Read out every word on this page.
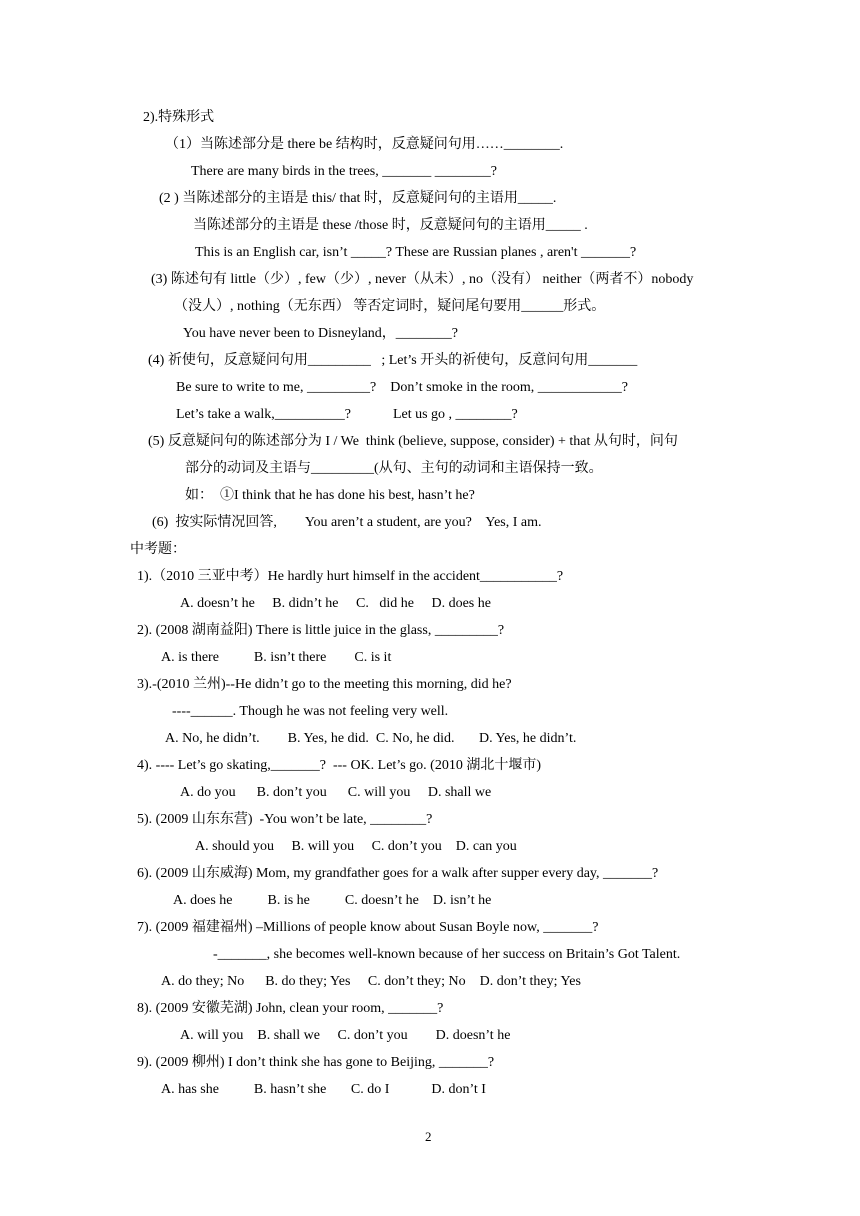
2).特殊形式
（1）当陈述部分是 there be 结构时，反意疑问句用……________.
There are many birds in the trees, _______ ________?
(2 ) 当陈述部分的主语是 this/ that 时，反意疑问句的主语用_____.
当陈述部分的主语是 these /those 时，反意疑问句的主语用_____ .
This is an English car, isn’t _____? These are Russian planes , aren't _______?
(3) 陈述句有 little（少）, few（少）, never（从未）, no（没有） neither（两者不）nobody
（没人）, nothing（无东西） 等否定词时，疑问尾句要用______形式。
You have never been to Disneyland，________?
(4) 祈使句，反意疑问句用_________   ; Let’s 开头的祈使句，反意问句用_______
Be sure to write to me, _________?    Don’t smoke in the room, ____________?
Let’s take a walk,__________?            Let us go , ________?
(5) 反意疑问句的陈述部分为 I / We  think (believe, suppose, consider) + that 从句时，问句
部分的动词及主语与_________(从句、主句的动词和主语保持一致。
如：  ①I think that he has done his best, hasn’t he?
(6)  按实际情况回答,        You aren’t a student, are you?    Yes, I am.
中考题：
1).（2010 三亚中考）He hardly hurt himself in the accident___________?
A. doesn’t he     B. didn’t he     C.   did he     D. does he
2). (2008 湖南益阳) There is little juice in the glass, _________?
A. is there          B. isn’t there        C. is it
3).-(2010 兰州)--He didn’t go to the meeting this morning, did he?
----______. Though he was not feeling very well.
A. No, he didn’t.        B. Yes, he did.  C. No, he did.       D. Yes, he didn’t.
4). ---- Let’s go skating,_______?  --- OK. Let’s go. (2010 湖北十堰市)
A. do you      B. don’t you      C. will you     D. shall we
5). (2009 山东东营)  -You won’t be late, ________?
A. should you     B. will you     C. don’t you    D. can you
6). (2009 山东威海) Mom, my grandfather goes for a walk after supper every day, _______?
A. does he          B. is he          C. doesn’t he    D. isn’t he
7). (2009 福建福州) –Millions of people know about Susan Boyle now, _______?
-_______, she becomes well-known because of her success on Britain’s Got Talent.
A. do they; No      B. do they; Yes     C. don’t they; No    D. don’t they; Yes
8). (2009 安徽芜湖) John, clean your room, _______?
A. will you    B. shall we     C. don’t you        D. doesn’t he
9). (2009 柳州) I don’t think she has gone to Beijing, _______?
A. has she          B. hasn’t she       C. do I            D. don’t I
2
